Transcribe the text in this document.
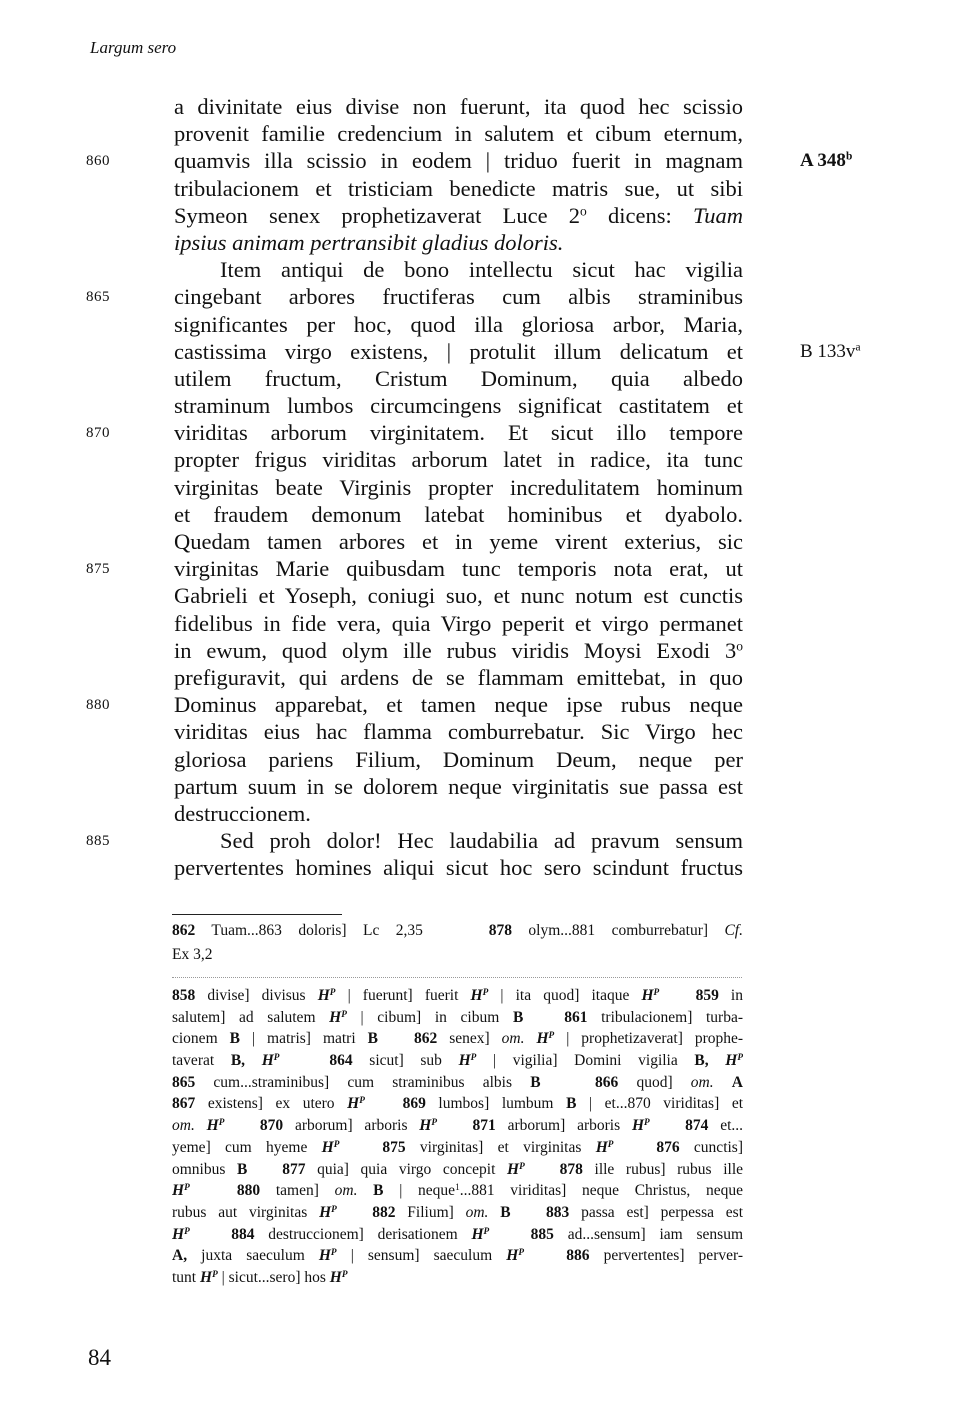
Largum sero
a divinitate eius divise non fuerunt, ita quod hec scissio
provenit familie credencium in salutem et cibum eternum,
860	quamvis illa scissio in eodem | triduo fuerit in magnam	A 348$^b$
tribulacionem et tristiciam benedicte matris sue, ut sibi
Symeon senex prophetizaverat Luce 2$^o$ dicens: Tuam
ipsius animam pertransibit gladius doloris.
Item antiqui de bono intellectu sicut hac vigilia
865	cingebant arbores fructiferas cum albis straminibus
significantes per hoc, quod illa gloriosa arbor, Maria,
castissima virgo existens, | protulit illum delicatum et	B $133v^a$
utilem fructum, Cristum Dominum, quia albedo
straminum lumbos circumcingens significat castitatem et
870	viriditas arborum virginitatem. Et sicut illo tempore
propter frigus viriditas arborum latet in radice, ita tunc
virginitas beate Virginis propter incredulitatem hominum
et fraudem demonum latebat hominibus et dyabolo.
Quedam tamen arbores et in yeme virent exterius, sic
875	virginitas Marie quibusdam tunc temporis nota erat, ut
Gabrieli et Yoseph, coniugi suo, et nunc notum est cunctis
fidelibus in fide vera, quia Virgo peperit et virgo permanet
in ewum, quod olym ille rubus viridis Moysi Exodi 3$^o$
prefiguravit, qui ardens de se flammam emittebat, in quo
880	Dominus apparebat, et tamen neque ipse rubus neque
viriditas eius hac flamma comburrebatur. Sic Virgo hec
gloriosa pariens Filium, Dominum Deum, neque per
partum suum in se dolorem neque virginitatis sue passa est
destruccionem.
885	Sed proh dolor! Hec laudabilia ad pravum sensum
pervertentes homines aliqui sicut hoc sero scindunt fructus
862 Tuam...863 doloris] Lc 2,35    878 olym...881 comburrebatur] Cf.
Ex 3,2
858 divise] divisus $H^P$ | fuerunt] fuerit $H^P$ | ita quod] itaque $H^P$ 859 in
salutem] ad salutem $H^P$ | cibum] in cibum B	861 tribulacionem] turba-
cionem B | matris] matri B 862 senex] om. $H^P$ | prophetizaverat] prophe-
taverat B, $H^P$	864 sicut] sub $H^P$ | vigilia] Domini vigilia B, $H^P$
865 cum...straminibus] cum straminibus albis B	866 quod] om. A
867 existens] ex utero $H^P$ 869 lumbos] lumbum B | et...870 viriditas] et
om. $H^P$ 870 arborum] arboris $H^P$ 871 arborum] arboris $H^P$ 874 et...
yeme] cum hyeme $H^P$	875 virginitas] et virginitas $H^P$	876 cunctis]
omnibus B 877 quia] quia virgo concepit $H^P$ 878 ille rubus] rubus ille
$H^P$	880 tamen] om. B | neque$^1$...881 viriditas] neque Christus, neque
rubus aut virginitas $H^P$ 882 Filium] om. B 883 passa est] perpessa est
$H^P$	884 destruccionem] derisationem $H^P$	885 ad...sensum] iam sensum
A, juxta saeculum $H^P$ | sensum] saeculum $H^P$	886 pervertentes] perver-
tunt $H^P$ | sicut...sero] hos $H^P$
84
